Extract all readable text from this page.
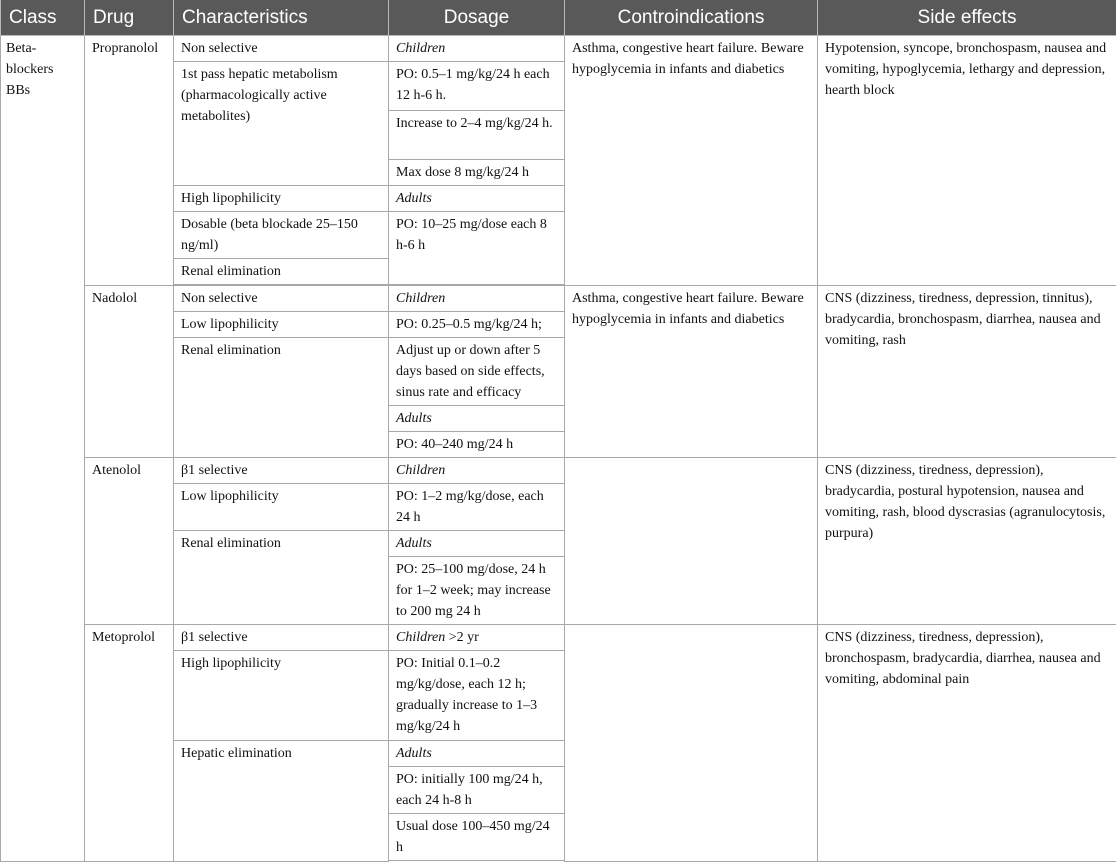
Class	Drug	Characteristics	Dosage	Controindications	Side effects
Beta-blockers BBs	Propranolol	Non selective	Children	Asthma, congestive heart failure. Beware hypoglycemia in infants and diabetics	Hypotension, syncope, bronchospasm, nausea and vomiting, hypoglycemia, lethargy and depression, hearth block
		1st pass hepatic metabolism (pharmacologically active metabolites)	PO: 0.5–1 mg/kg/24 h each 12 h-6 h.		
			Increase to 2–4 mg/kg/24 h.		
			Max dose 8 mg/kg/24 h		
		High lipophilicity	Adults		
		Dosable (beta blockade 25–150 ng/ml)	PO: 10–25 mg/dose each 8 h-6 h		
		Renal elimination			

	Nadolol	Non selective	Children	Asthma, congestive heart failure. Beware hypoglycemia in infants and diabetics	CNS (dizziness, tiredness, depression, tinnitus), bradycardia, bronchospasm, diarrhea, nausea and vomiting, rash
		Low lipophilicity	PO: 0.25–0.5 mg/kg/24 h;		
		Renal elimination	Adjust up or down after 5 days based on side effects, sinus rate and efficacy		
			Adults		
			PO: 40–240 mg/24 h		
	Atenolol	β1 selective	Children		CNS (dizziness, tiredness, depression), bradycardia, postural hypotension, nausea and vomiting, rash, blood dyscrasias (agranulocytosis, purpura)
		Low lipophilicity	PO: 1–2 mg/kg/dose, each 24 h		
		Renal elimination	Adults		
			PO: 25–100 mg/dose, 24 h for 1–2 week; may increase to 200 mg 24 h		
	Metoprolol	β1 selective	Children >2 yr		CNS (dizziness, tiredness, depression), bronchospasm, bradycardia, diarrhea, nausea and vomiting, abdominal pain
		High lipophilicity	PO: Initial 0.1–0.2 mg/kg/dose, each 12 h; gradually increase to 1–3 mg/kg/24 h		
		Hepatic elimination	Adults		
			PO: initially 100 mg/24 h, each 24 h-8 h		
			Usual dose 100–450 mg/24 h		
